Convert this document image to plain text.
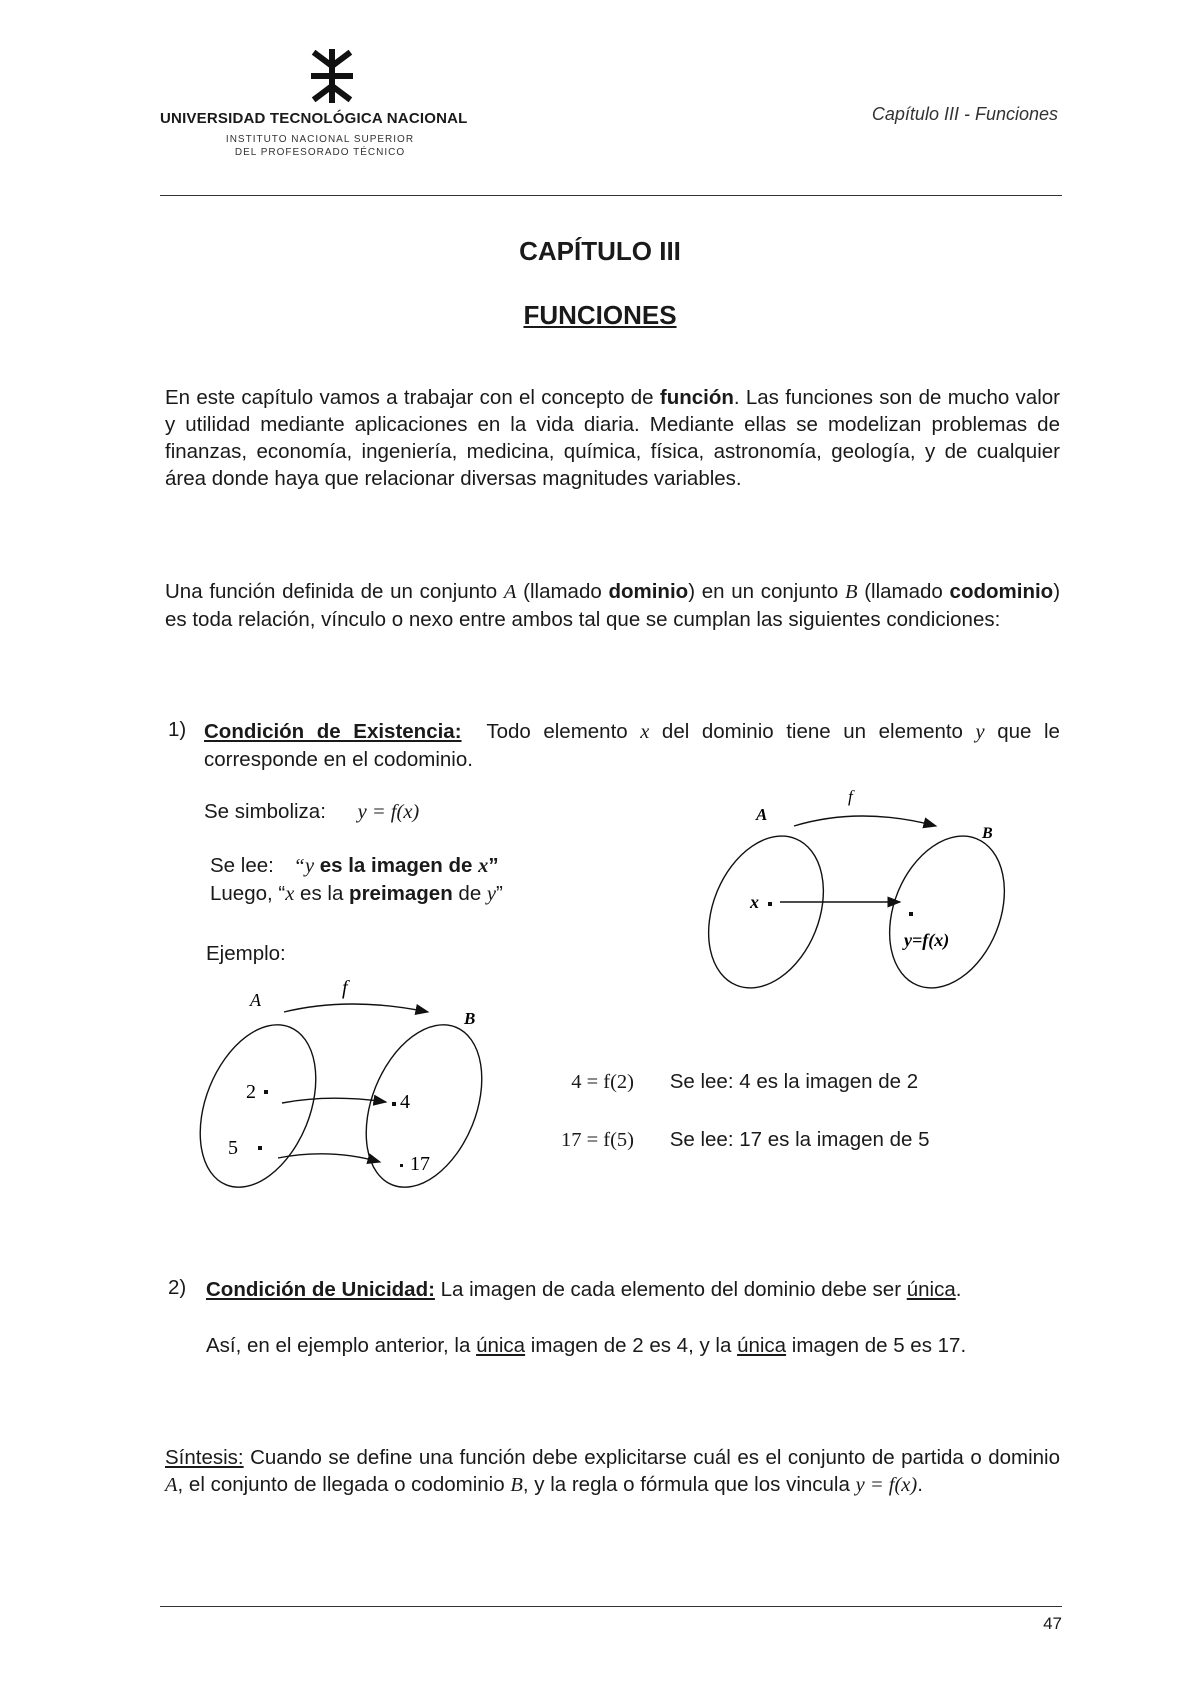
UNIVERSIDAD TECNOLÓGICA NACIONAL
INSTITUTO NACIONAL SUPERIOR
DEL PROFESORADO TÉCNICO
Capítulo III - Funciones
CAPÍTULO III
FUNCIONES
En este capítulo vamos a trabajar con el concepto de función. Las funciones son de mucho valor y utilidad mediante aplicaciones en la vida diaria. Mediante ellas se modelizan problemas de finanzas, economía, ingeniería, medicina, química, física, astronomía, geología, y de cualquier área donde haya que relacionar diversas magnitudes variables.
Una función definida de un conjunto A (llamado dominio) en un conjunto B (llamado codominio) es toda relación, vínculo o nexo entre ambos tal que se cumplan las siguientes condiciones:
1) Condición de Existencia: Todo elemento x del dominio tiene un elemento y que le corresponde en el codominio.
Se simboliza: y = f(x)
Se lee: “y es la imagen de x”
Luego, “x es la preimagen de y”
Ejemplo:
A
f
B
x
y=f(x)
A
f
B
2
5
4
17
4 = f(2) Se lee: 4 es la imagen de 2
17 = f(5) Se lee: 17 es la imagen de 5
2) Condición de Unicidad: La imagen de cada elemento del dominio debe ser única.
Así, en el ejemplo anterior, la única imagen de 2 es 4, y la única imagen de 5 es 17.
Síntesis: Cuando se define una función debe explicitarse cuál es el conjunto de partida o dominio A, el conjunto de llegada o codominio B, y la regla o fórmula que los vincula y = f(x).
47
